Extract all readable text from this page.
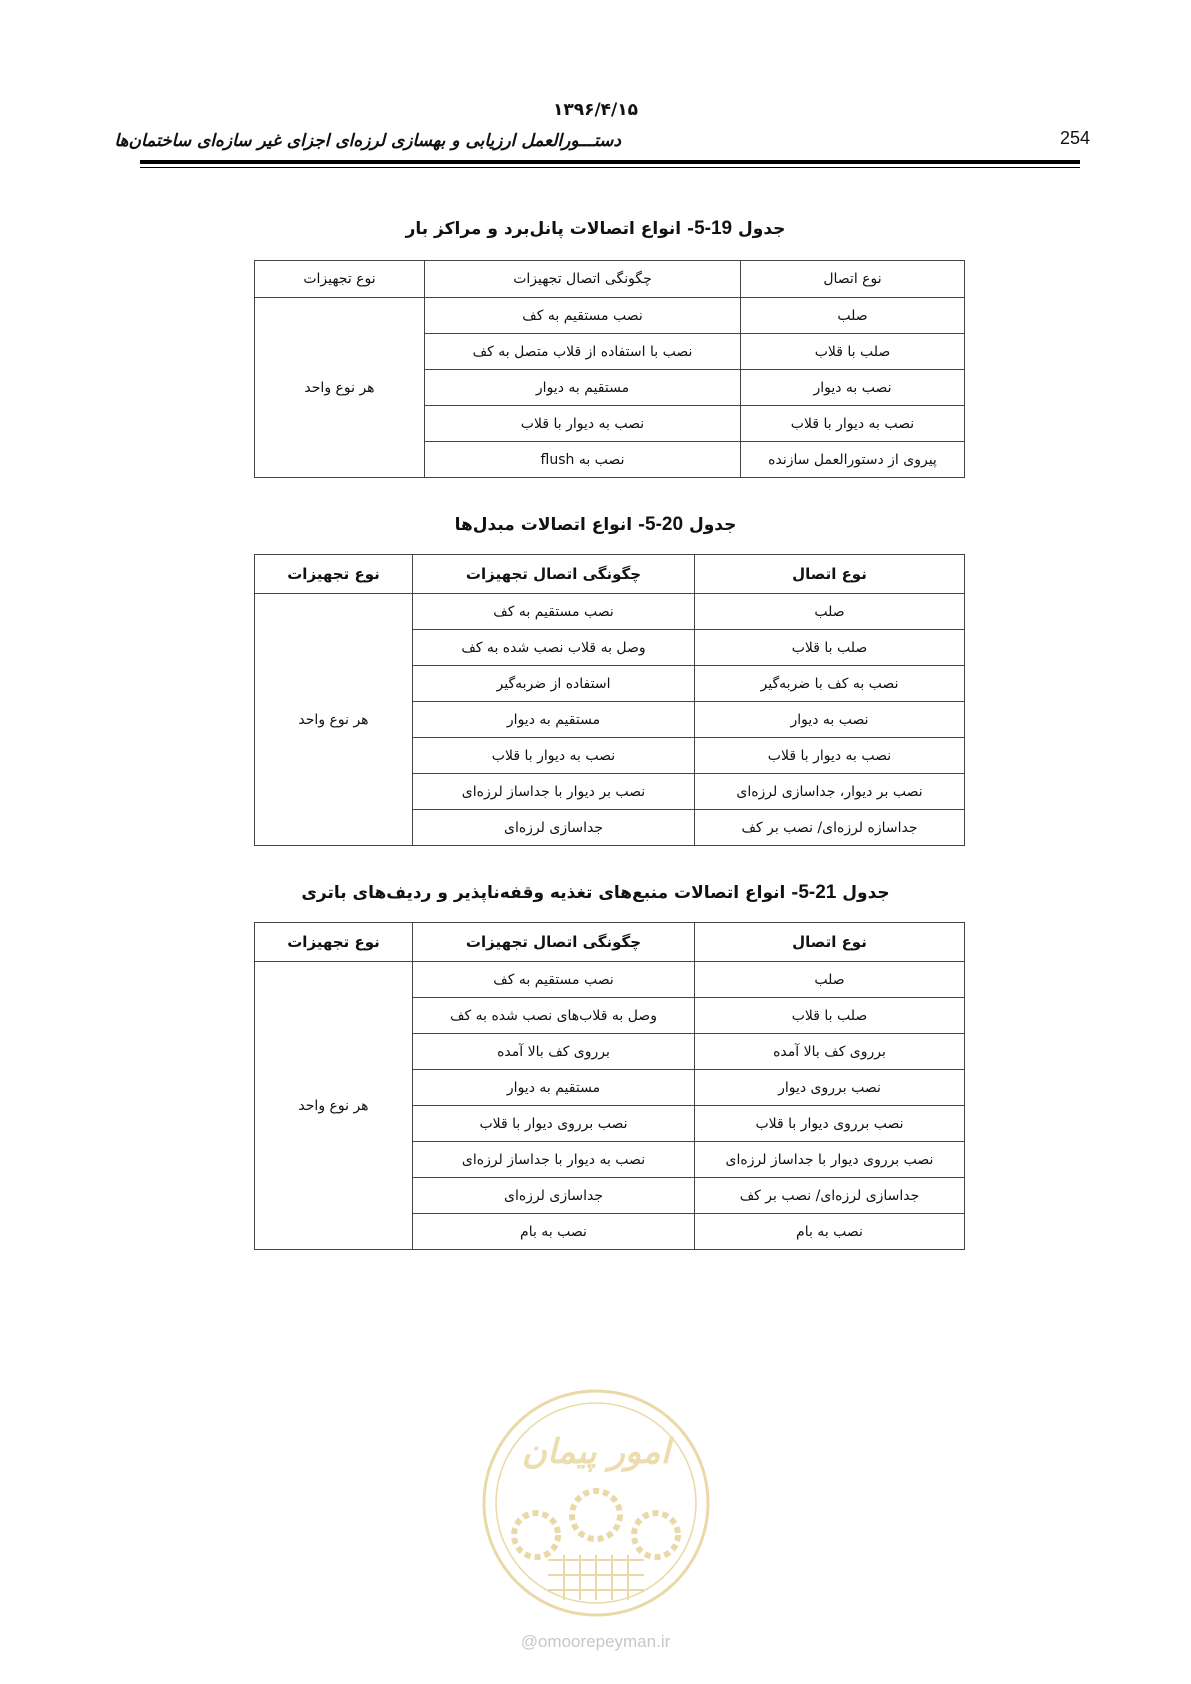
۱۳۹۶/۴/۱۵
دستـــورالعمل ارزیابی و بهسازی لرزه‌ای اجزای غیر سازه‌ای ساختمان‌ها	254
جدول 5-19- انواع اتصالات پانل‌برد و مراکز بار
نوع اتصال	چگونگی اتصال تجهیزات	نوع تجهیزات
صلب	نصب مستقیم به کف	هر نوع واحد
صلب با قلاب	نصب با استفاده از قلاب متصل به کف	
نصب به دیوار	مستقیم به دیوار	
نصب به دیوار با قلاب	نصب به دیوار با قلاب	
پیروی از دستورالعمل سازنده	نصب به flush	
جدول 5-20- انواع اتصالات مبدل‌ها
نوع اتصال	چگونگی اتصال تجهیزات	نوع تجهیزات
صلب	نصب مستقیم به کف	هر نوع واحد
صلب با قلاب	وصل به قلاب نصب شده به کف	
نصب به کف با ضربه‌گیر	استفاده از ضربه‌گیر	
نصب به دیوار	مستقیم به دیوار	
نصب به دیوار با قلاب	نصب به دیوار با قلاب	
نصب بر دیوار، جداسازی لرزه‌ای	نصب بر دیوار با جداساز لرزه‌ای	
جداسازه لرزه‌ای/ نصب بر کف	جداسازی لرزه‌ای	
جدول 5-21- انواع اتصالات منبع‌های تغذیه وقفه‌ناپذیر و ردیف‌های باتری
نوع اتصال	چگونگی اتصال تجهیزات	نوع تجهیزات
صلب	نصب مستقیم به کف	هر نوع واحد
صلب با قلاب	وصل به قلاب‌های نصب شده به کف	
برروی کف بالا آمده	برروی کف بالا آمده	
نصب برروی دیوار	مستقیم به دیوار	
نصب برروی دیوار با قلاب	نصب برروی دیوار با قلاب	
نصب برروی دیوار با جداساز لرزه‌ای	نصب به دیوار با جداساز لرزه‌ای	
جداسازی لرزه‌ای/ نصب بر کف	جداسازی لرزه‌ای	
نصب به بام	نصب به بام	
امور پیمان
@omoorepeyman.ir
